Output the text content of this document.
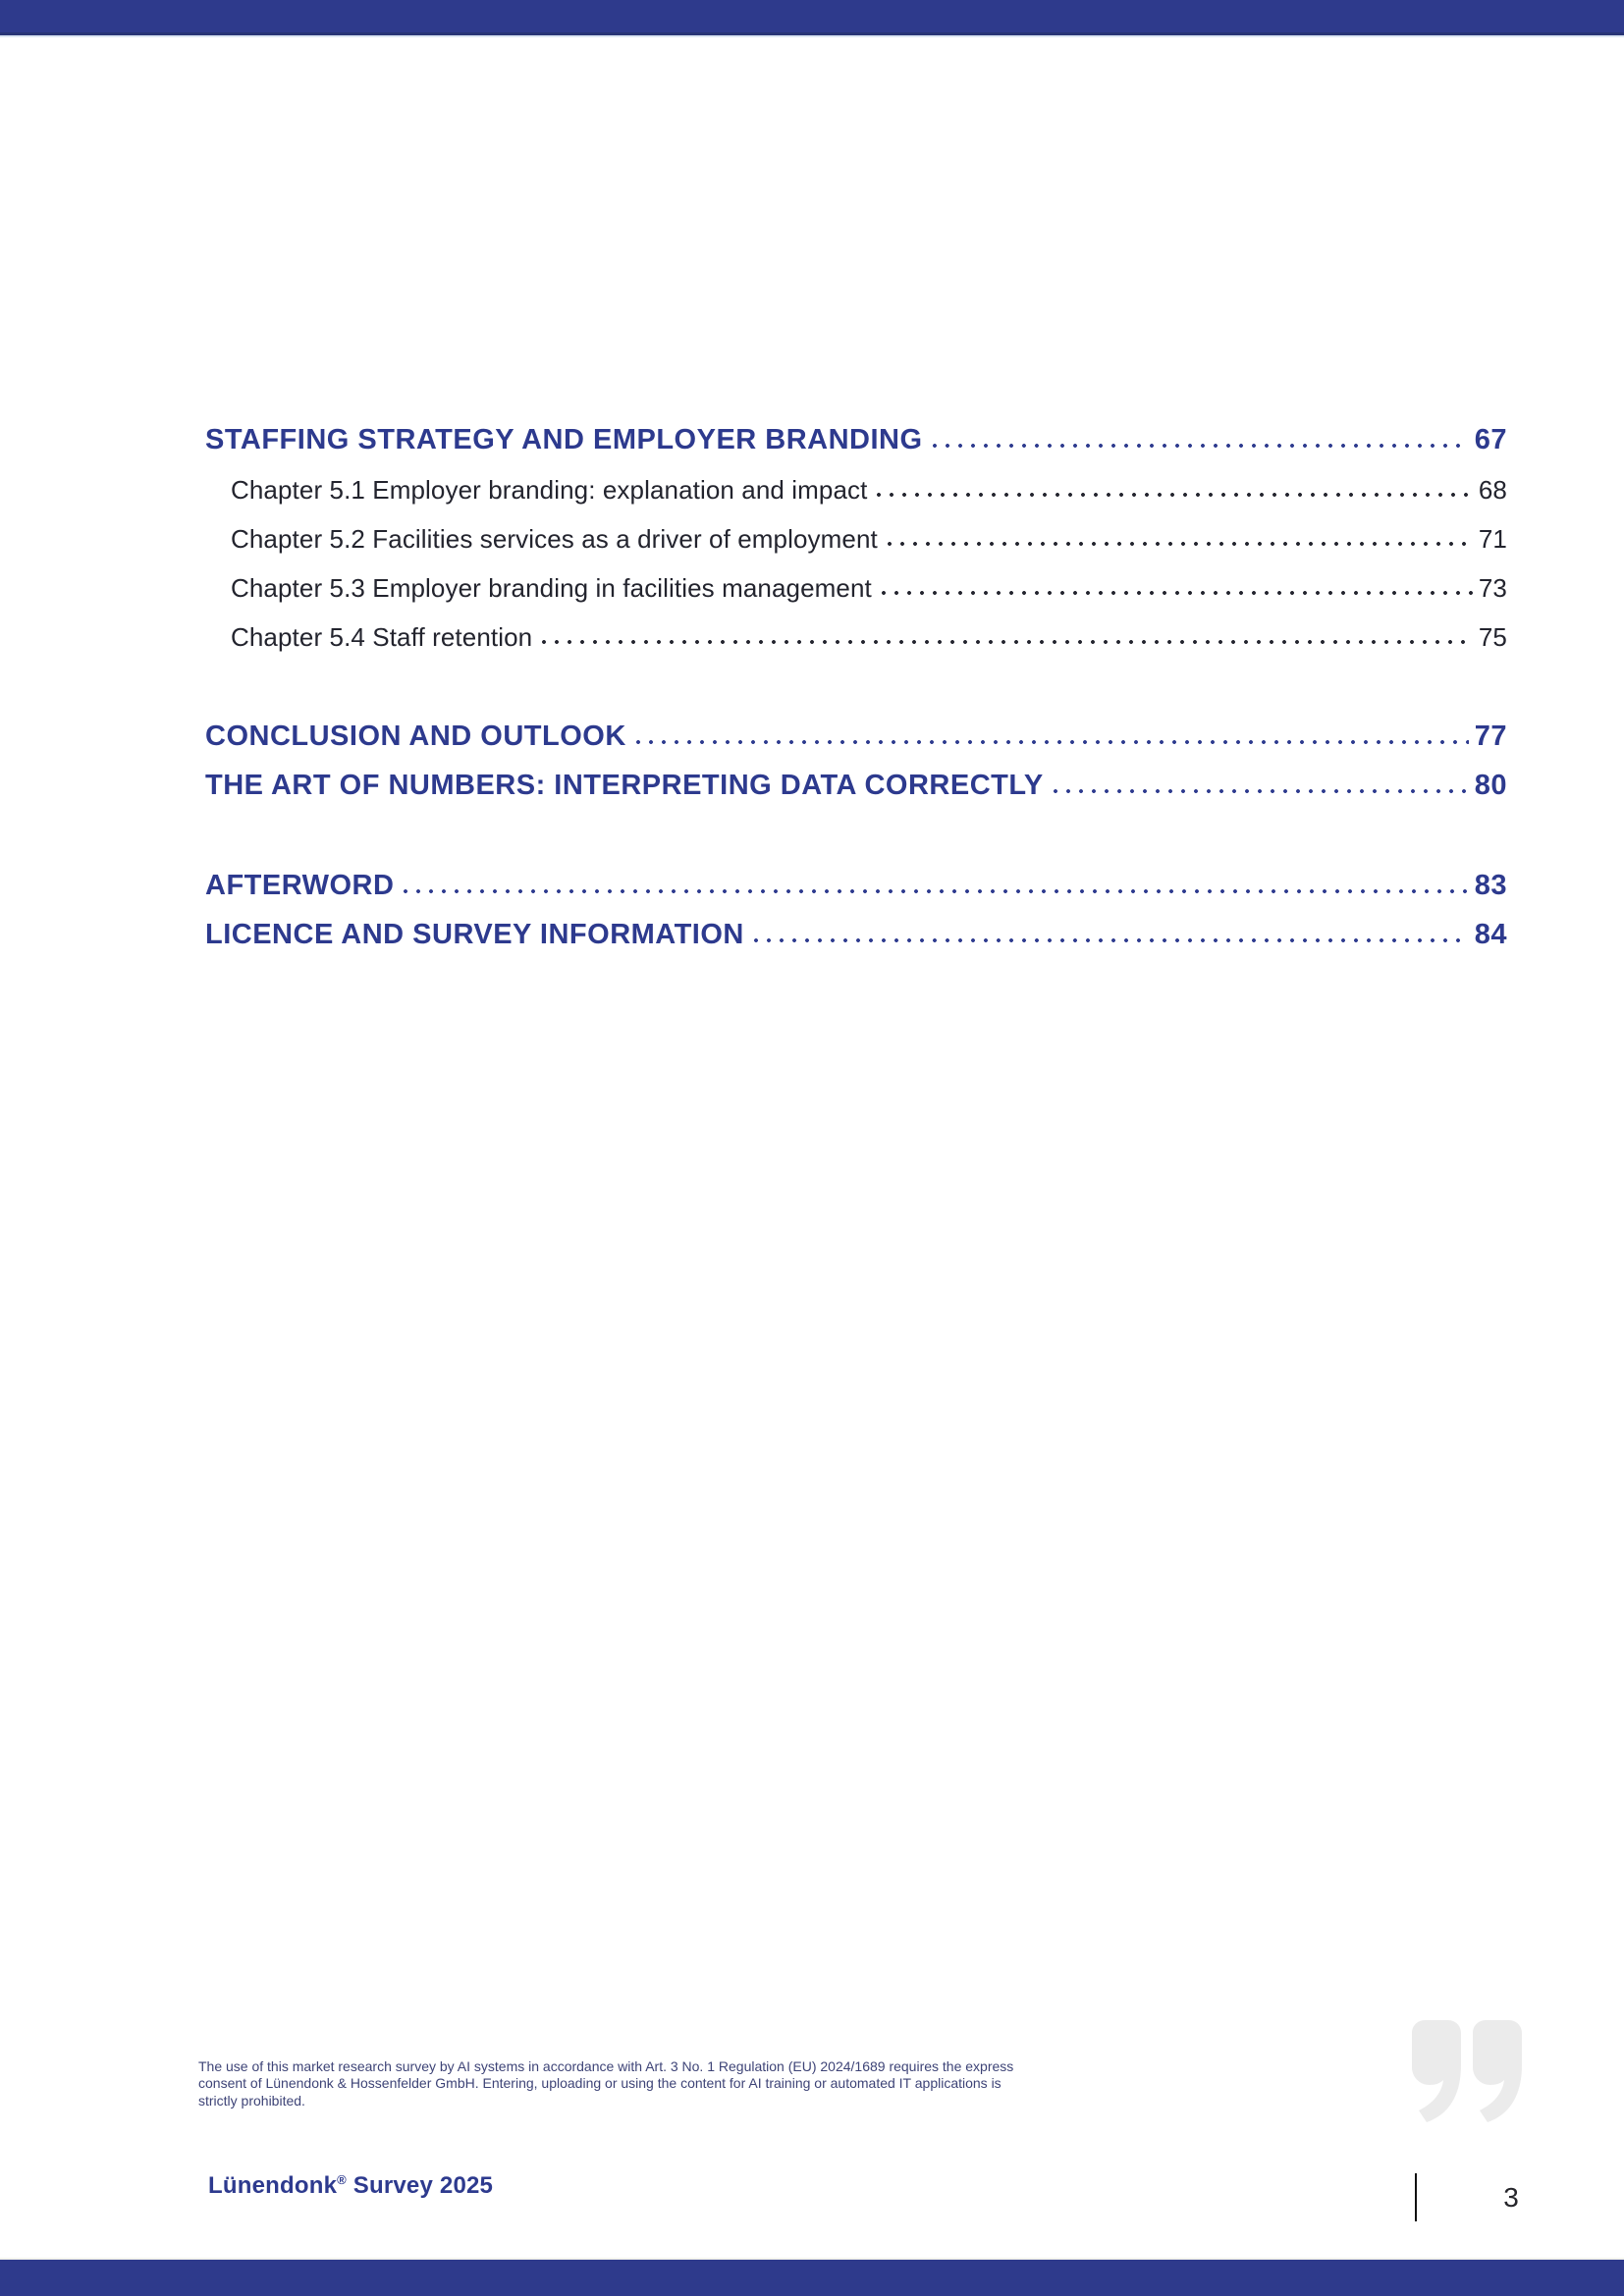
STAFFING STRATEGY AND EMPLOYER BRANDING	67
Chapter 5.1 Employer branding: explanation and impact	68
Chapter 5.2 Facilities services as a driver of employment	71
Chapter 5.3 Employer branding in facilities management	73
Chapter 5.4 Staff retention	75
CONCLUSION AND OUTLOOK	77
THE ART OF NUMBERS: INTERPRETING DATA CORRECTLY	80
AFTERWORD	83
LICENCE AND SURVEY INFORMATION	84
The use of this market research survey by AI systems in accordance with Art. 3 No. 1 Regulation (EU) 2024/1689 requires the express
consent of Lünendonk & Hossenfelder GmbH. Entering, uploading or using the content for AI training or automated IT applications is
strictly prohibited.
Lünendonk® Survey 2025	3
